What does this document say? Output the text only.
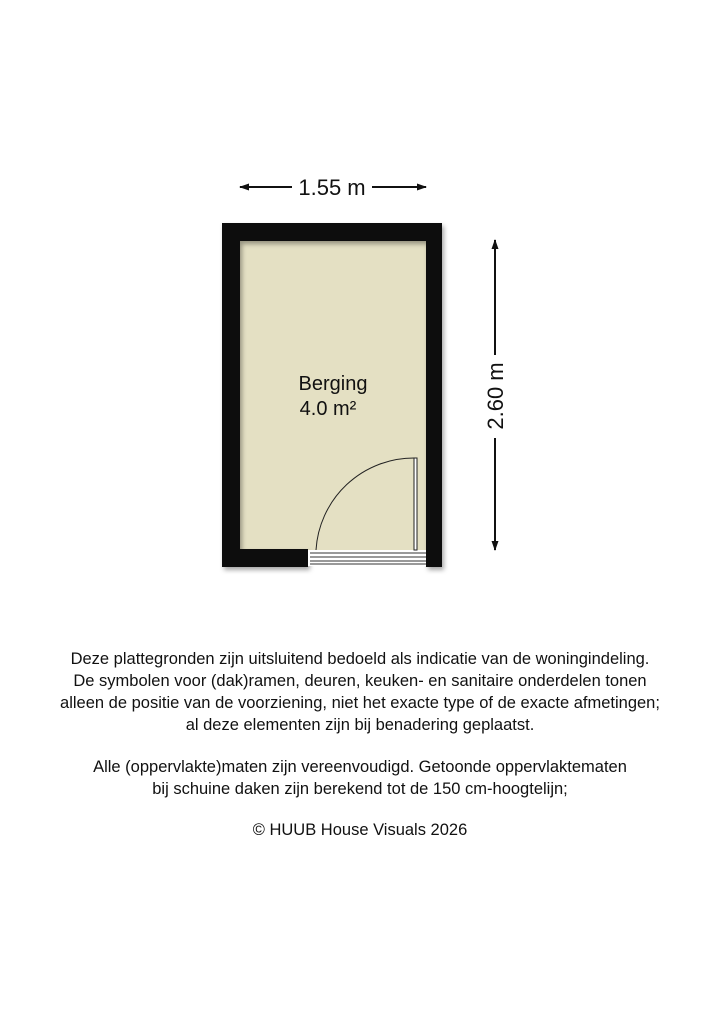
1.55 m
2.60 m
Berging
4.0 m²

Deze plattegronden zijn uitsluitend bedoeld als indicatie van de woningindeling.

De symbolen voor (dak)ramen, deuren, keuken- en sanitaire onderdelen tonen

alleen de positie van de voorziening, niet het exacte type of de exacte afmetingen;

al deze elementen zijn bij benadering geplaatst.

Alle (oppervlakte)maten zijn vereenvoudigd. Getoonde oppervlaktematen

bij schuine daken zijn berekend tot de 150 cm-hoogtelijn;

© HUUB House Visuals 2026
